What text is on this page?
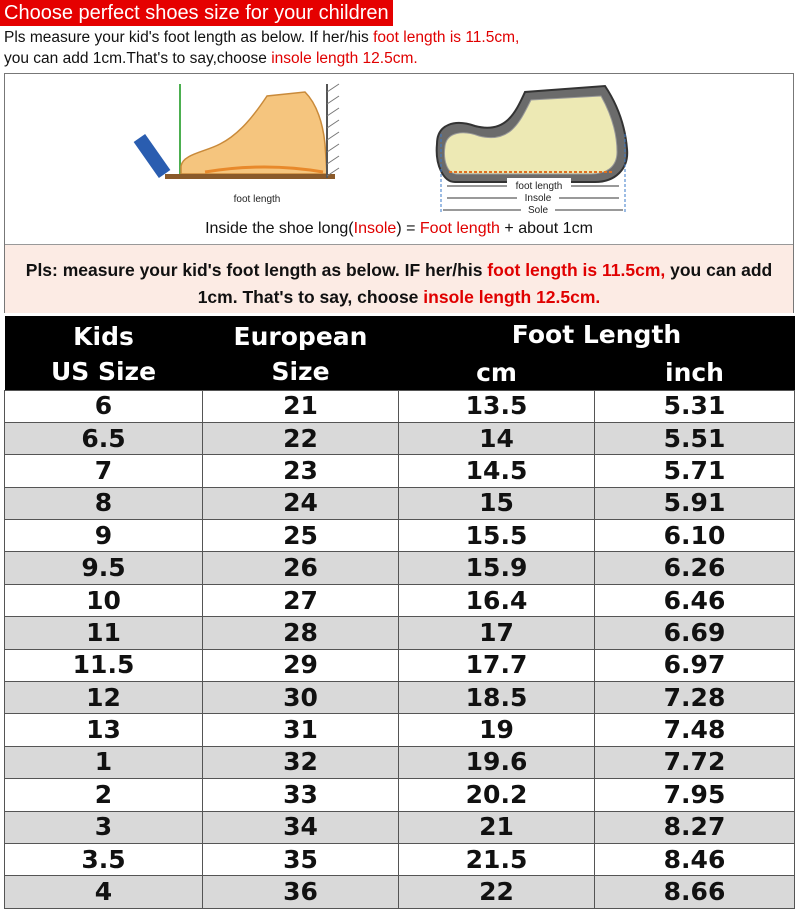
Choose perfect shoes size for your children
Pls measure your kid's foot length as below. If her/his foot length is 11.5cm,
you can add 1cm.That's to say,choose insole length 12.5cm.
foot length
foot length
Insole
Sole
Inside the shoe long(Insole) = Foot length + about 1cm
Pls: measure your kid's foot length as below. IF her/his foot length is 11.5cm, you can add 1cm. That's to say, choose insole length 12.5cm.
Kids	European	Foot Length	
US Size	Size	cm	inch
6	21	13.5	5.31
6.5	22	14	5.51
7	23	14.5	5.71
8	24	15	5.91
9	25	15.5	6.10
9.5	26	15.9	6.26
10	27	16.4	6.46
11	28	17	6.69
11.5	29	17.7	6.97
12	30	18.5	7.28
13	31	19	7.48
1	32	19.6	7.72
2	33	20.2	7.95
3	34	21	8.27
3.5	35	21.5	8.46
4	36	22	8.66
